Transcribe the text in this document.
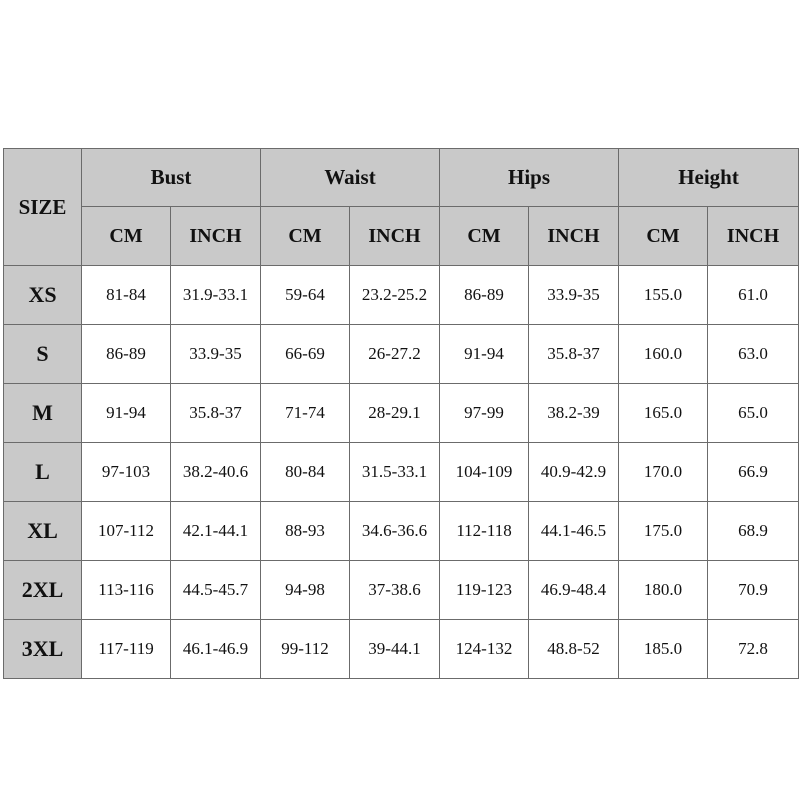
SIZE	Bust		Waist		Hips		Height	
	CM	INCH	CM	INCH	CM	INCH	CM	INCH
XS	81-84	31.9-33.1	59-64	23.2-25.2	86-89	33.9-35	155.0	61.0
S	86-89	33.9-35	66-69	26-27.2	91-94	35.8-37	160.0	63.0
M	91-94	35.8-37	71-74	28-29.1	97-99	38.2-39	165.0	65.0
L	97-103	38.2-40.6	80-84	31.5-33.1	104-109	40.9-42.9	170.0	66.9
XL	107-112	42.1-44.1	88-93	34.6-36.6	112-118	44.1-46.5	175.0	68.9
2XL	113-116	44.5-45.7	94-98	37-38.6	119-123	46.9-48.4	180.0	70.9
3XL	117-119	46.1-46.9	99-112	39-44.1	124-132	48.8-52	185.0	72.8
